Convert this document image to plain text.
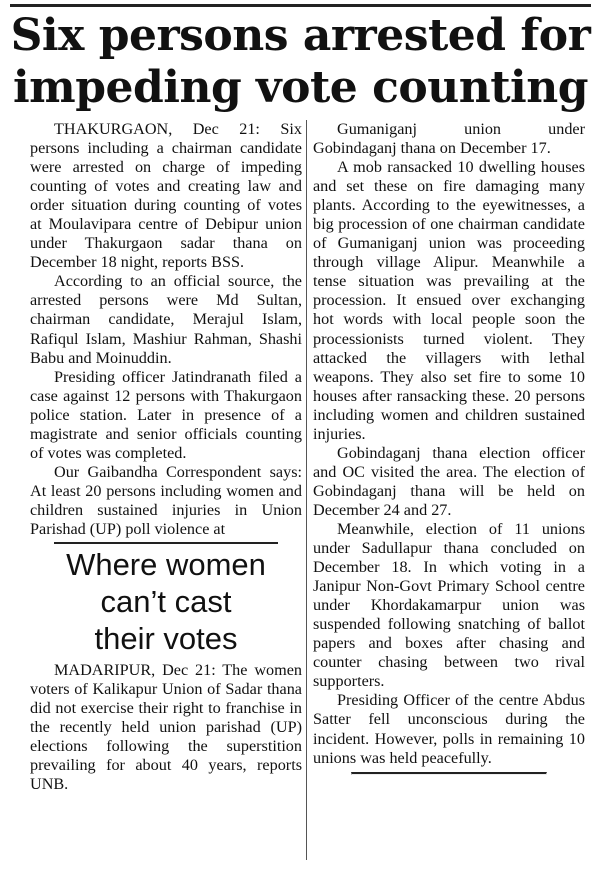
Six persons arrested for
impeding vote counting

THAKURGAON, Dec 21: Six persons including a chairman candidate were arrested on charge of impeding counting of votes and creating law and order situation during counting of votes at Moulavipara centre of Debipur union under Thakurgaon sadar thana on December 18 night, reports BSS.

According to an official source, the arrested persons were Md Sultan, chairman candidate, Merajul Islam, Rafiqul Islam, Mashiur Rahman, Shashi Babu and Moinuddin.

Presiding officer Jatindranath filed a case against 12 persons with Thakurgaon police station. Later in presence of a magistrate and senior officials counting of votes was completed.

Our Gaibandha Correspondent says: At least 20 persons including women and children sustained injuries in Union Parishad (UP) poll violence at

Where women
can’t cast
their votes

MADARIPUR, Dec 21: The women voters of Kalikapur Union of Sadar thana did not exercise their right to franchise in the recently held union parishad (UP) elections following the superstition prevailing for about 40 years, reports UNB.

Gumaniganj union under Gobindaganj thana on December 17.

A mob ransacked 10 dwelling houses and set these on fire damaging many plants. According to the eyewitnesses, a big procession of one chairman candidate of Gumaniganj union was proceeding through village Alipur. Meanwhile a tense situation was prevailing at the procession. It ensued over exchanging hot words with local people soon the processionists turned violent. They attacked the villagers with lethal weapons. They also set fire to some 10 houses after ransacking these. 20 persons including women and children sustained injuries.

Gobindaganj thana election officer and OC visited the area. The election of Gobindaganj thana will be held on December 24 and 27.

Meanwhile, election of 11 unions under Sadullapur thana concluded on December 18. In which voting in a Janipur Non-Govt Primary School centre under Khordakamarpur union was suspended following snatching of ballot papers and boxes after chasing and counter chasing between two rival supporters.

Presiding Officer of the centre Abdus Satter fell unconscious during the incident. However, polls in remaining 10 unions was held peacefully.
